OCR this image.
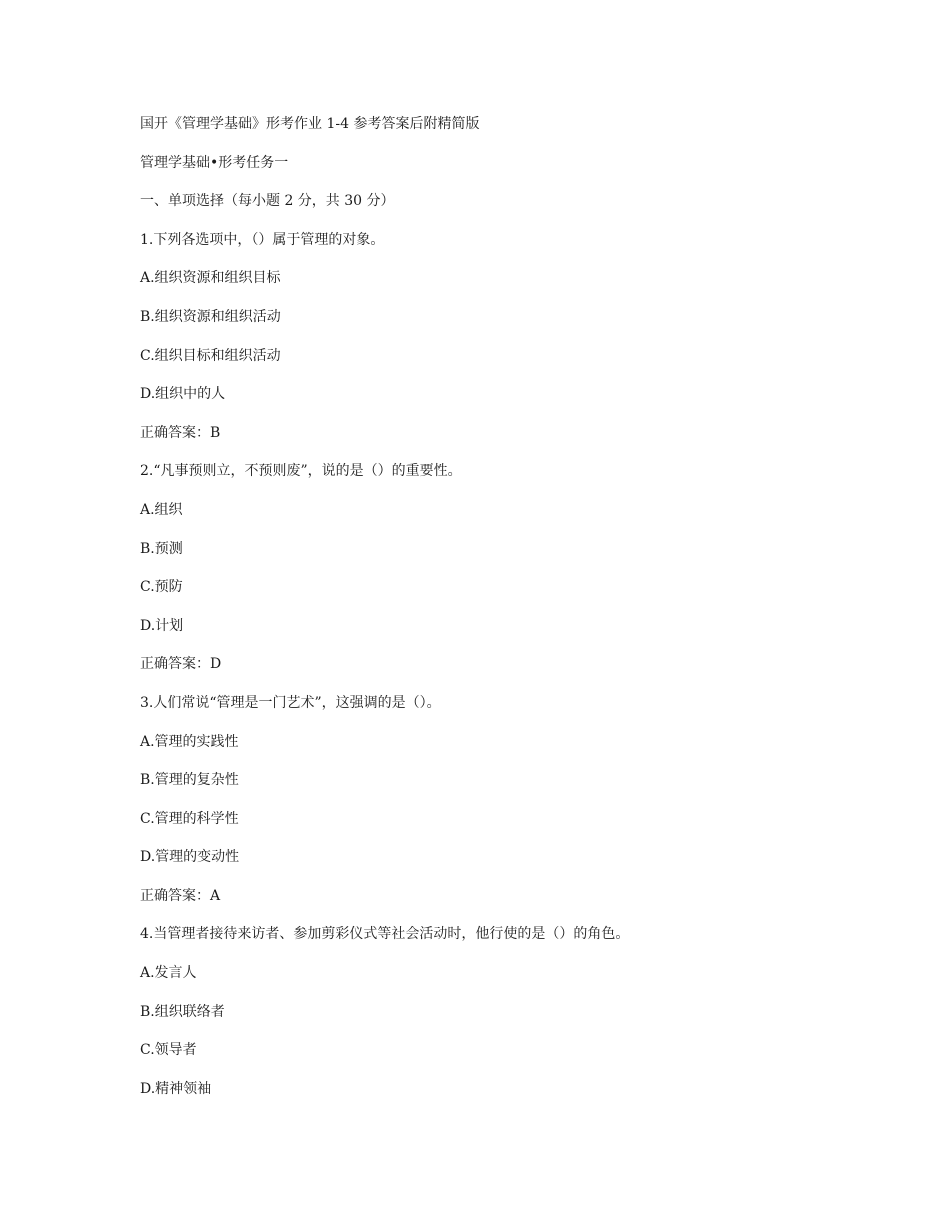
国开《管理学基础》形考作业 1-4 参考答案后附精简版
管理学基础•形考任务一
一、单项选择（每小题 2 分，共 30 分）
1.下列各选项中，（）属于管理的对象。
A.组织资源和组织目标
B.组织资源和组织活动
C.组织目标和组织活动
D.组织中的人
正确答案：B
2.“凡事预则立，不预则废”，说的是（）的重要性。
A.组织
B.预测
C.预防
D.计划
正确答案：D
3.人们常说“管理是一门艺术”，这强调的是（）。
A.管理的实践性
B.管理的复杂性
C.管理的科学性
D.管理的变动性
正确答案：A
4.当管理者接待来访者、参加剪彩仪式等社会活动时，他行使的是（）的角色。
A.发言人
B.组织联络者
C.领导者
D.精神领袖
